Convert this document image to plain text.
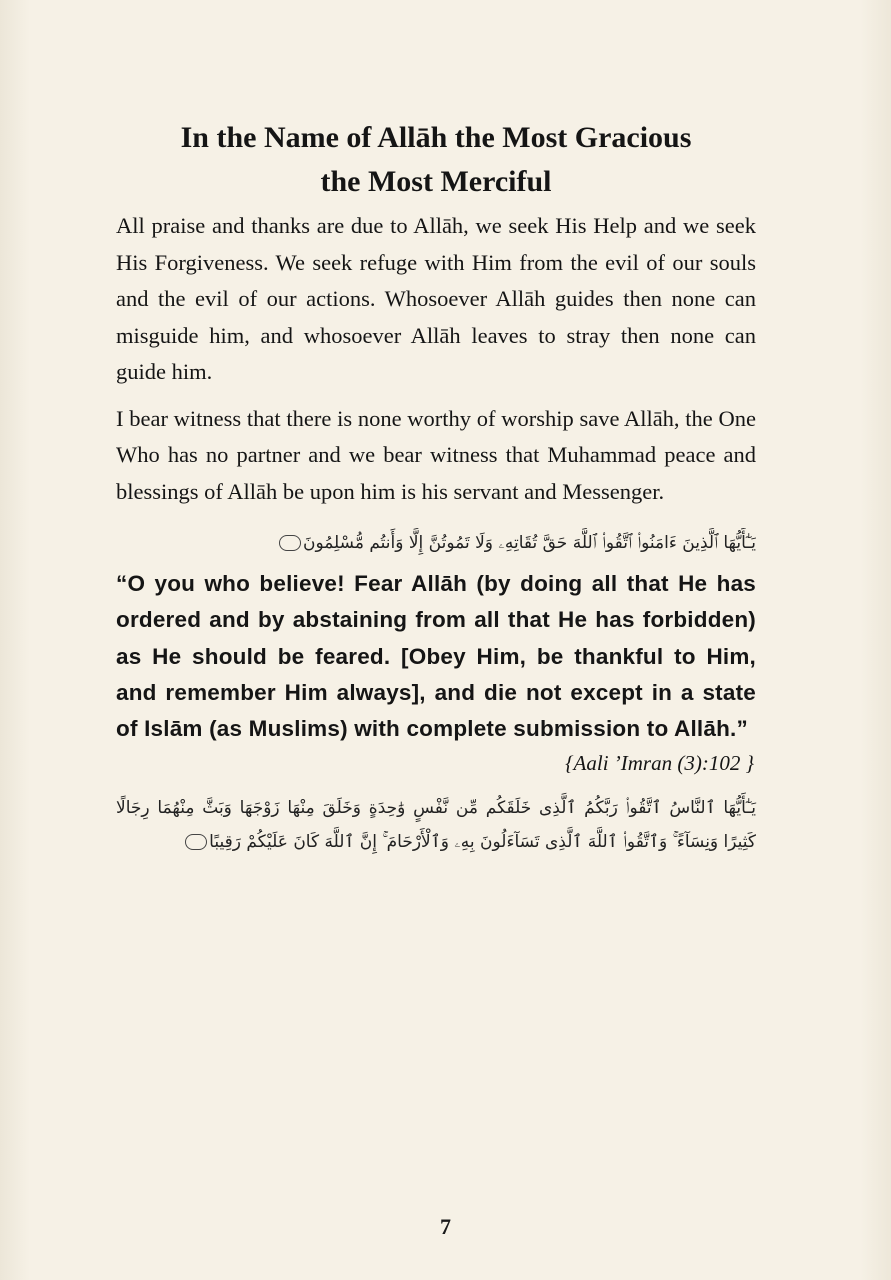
In the Name of Allāh the Most Gracious
the Most Merciful

All praise and thanks are due to Allāh, we seek His Help and we seek His Forgiveness. We seek refuge with Him from the evil of our souls and the evil of our actions. Whosoever Allāh guides then none can misguide him, and whosoever Allāh leaves to stray then none can guide him.

I bear witness that there is none worthy of worship save Allāh, the One Who has no partner and we bear witness that Muhammad peace and blessings of Allāh be upon him is his servant and Messenger.

يَـٰٓأَيُّهَا ٱلَّذِينَ ءَامَنُوا۟ ٱتَّقُوا۟ ٱللَّهَ حَقَّ تُقَاتِهِۦ وَلَا تَمُوتُنَّ إِلَّا وَأَنتُم مُّسْلِمُونَ

“O you who believe! Fear Allāh (by doing all that He has ordered and by abstaining from all that He has forbidden) as He should be feared. [Obey Him, be thankful to Him, and remember Him always], and die not except in a state of Islām (as Muslims) with complete submission to Allāh.”

{Aali ’Imran (3):102 }

يَـٰٓأَيُّهَا ٱلنَّاسُ ٱتَّقُوا۟ رَبَّكُمُ ٱلَّذِى خَلَقَكُم مِّن نَّفْسٍ وَٰحِدَةٍ وَخَلَقَ مِنْهَا زَوْجَهَا وَبَثَّ مِنْهُمَا رِجَالًا كَثِيرًا وَنِسَآءً ۚ وَٱتَّقُوا۟ ٱللَّهَ ٱلَّذِى تَسَآءَلُونَ بِهِۦ وَٱلْأَرْحَامَ ۚ إِنَّ ٱللَّهَ كَانَ عَلَيْكُمْ رَقِيبًا

7
